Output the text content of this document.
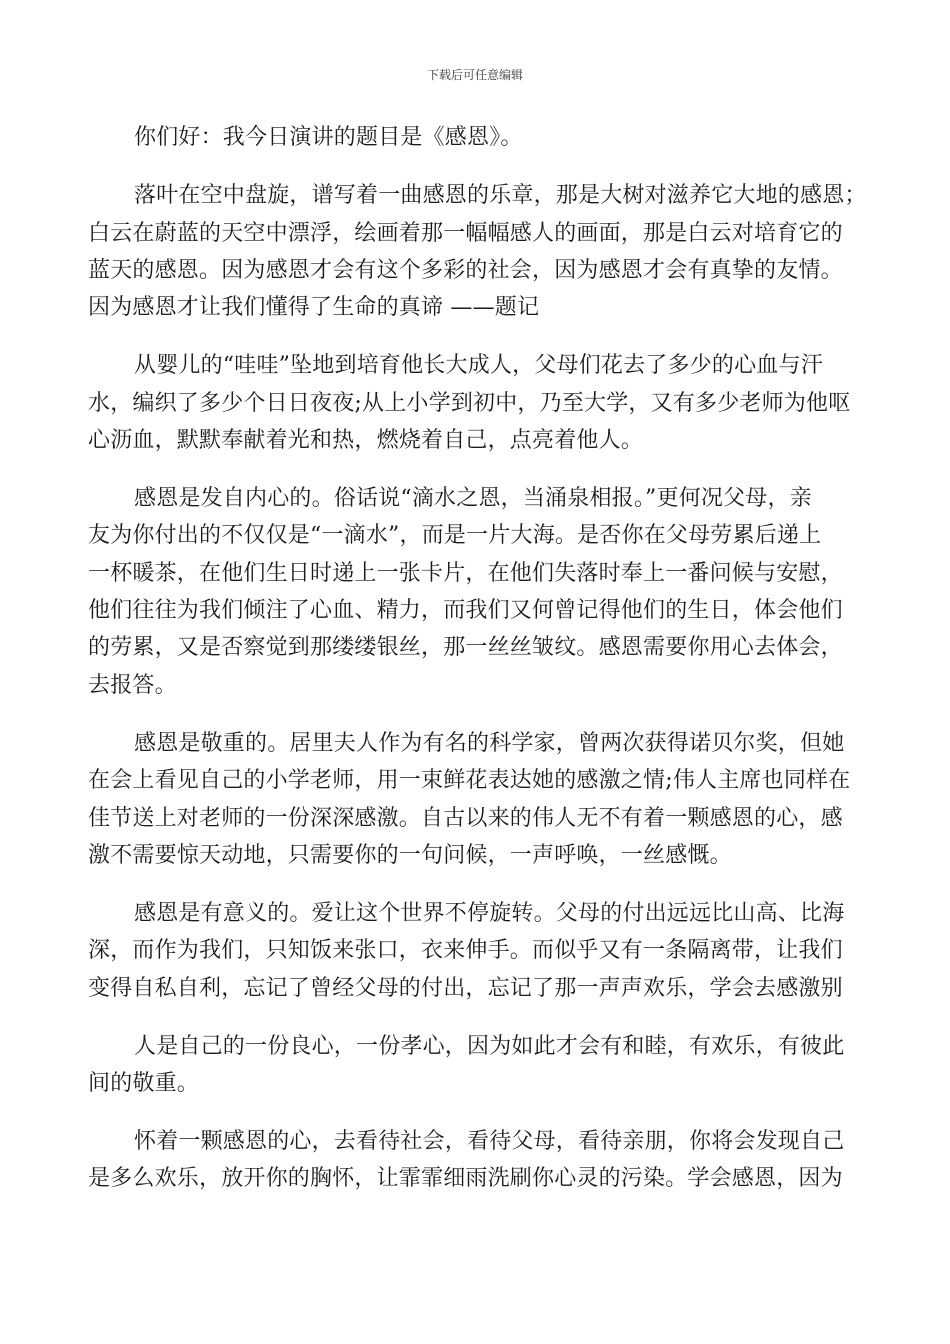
下载后可任意编辑
你们好：我今日演讲的题目是《感恩》。
落叶在空中盘旋，谱写着一曲感恩的乐章，那是大树对滋养它大地的感恩；
白云在蔚蓝的天空中漂浮，绘画着那一幅幅感人的画面，那是白云对培育它的
蓝天的感恩。因为感恩才会有这个多彩的社会，因为感恩才会有真挚的友情。
因为感恩才让我们懂得了生命的真谛 ——题记
从婴儿的“哇哇”坠地到培育他长大成人，父母们花去了多少的心血与汗
水，编织了多少个日日夜夜;从上小学到初中，乃至大学，又有多少老师为他呕
心沥血，默默奉献着光和热，燃烧着自己，点亮着他人。
感恩是发自内心的。俗话说“滴水之恩，当涌泉相报。”更何况父母，亲
友为你付出的不仅仅是“一滴水”，而是一片大海。是否你在父母劳累后递上
一杯暖茶，在他们生日时递上一张卡片，在他们失落时奉上一番问候与安慰，
他们往往为我们倾注了心血、精力，而我们又何曾记得他们的生日，体会他们
的劳累，又是否察觉到那缕缕银丝，那一丝丝皱纹。感恩需要你用心去体会，
去报答。
感恩是敬重的。居里夫人作为有名的科学家，曾两次获得诺贝尔奖，但她
在会上看见自己的小学老师，用一束鲜花表达她的感激之情;伟人主席也同样在
佳节送上对老师的一份深深感激。自古以来的伟人无不有着一颗感恩的心，感
激不需要惊天动地，只需要你的一句问候，一声呼唤，一丝感慨。
感恩是有意义的。爱让这个世界不停旋转。父母的付出远远比山高、比海
深，而作为我们，只知饭来张口，衣来伸手。而似乎又有一条隔离带，让我们
变得自私自利，忘记了曾经父母的付出，忘记了那一声声欢乐，学会去感激别
人是自己的一份良心，一份孝心，因为如此才会有和睦，有欢乐，有彼此
间的敬重。
怀着一颗感恩的心，去看待社会，看待父母，看待亲朋，你将会发现自己
是多么欢乐，放开你的胸怀，让霏霏细雨洗刷你心灵的污染。学会感恩，因为
